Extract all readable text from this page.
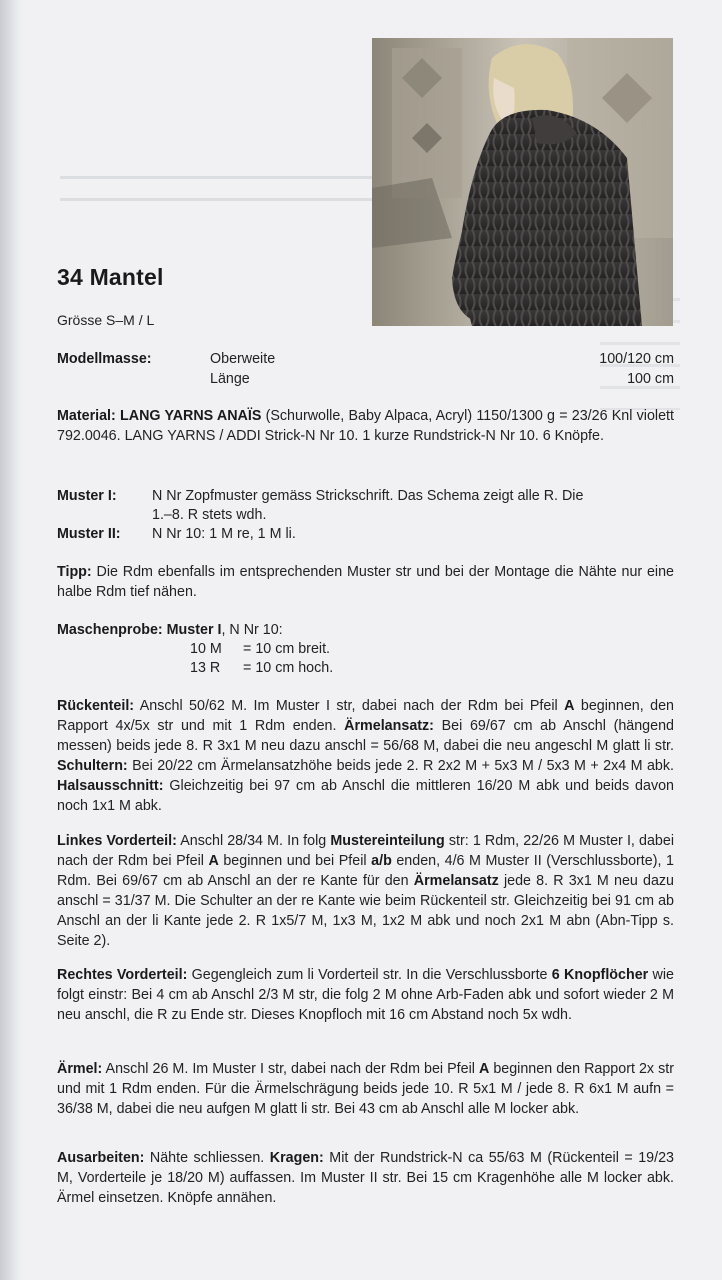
34 Mantel
Grösse S–M / L
Modellmasse:	Oberweite	100/120 cm
Länge	100 cm
Material: LANG YARNS ANAÏS (Schurwolle, Baby Alpaca, Acryl) 1150/1300 g = 23/26 Knl violett 792.0046. LANG YARNS / ADDI Strick-N Nr 10. 1 kurze Rundstrick-N Nr 10. 6 Knöpfe.
Muster I: N Nr Zopfmuster gemäss Strickschrift. Das Schema zeigt alle R. Die
1.–8. R stets wdh.
Muster II: N Nr 10: 1 M re, 1 M li.
Tipp: Die Rdm ebenfalls im entsprechenden Muster str und bei der Montage die Nähte nur eine halbe Rdm tief nähen.
Maschenprobe: Muster I, N Nr 10:
10 M = 10 cm breit.
13 R = 10 cm hoch.
Rückenteil: Anschl 50/62 M. Im Muster I str, dabei nach der Rdm bei Pfeil A beginnen, den Rapport 4x/5x str und mit 1 Rdm enden. Ärmelansatz: Bei 69/67 cm ab Anschl (hängend messen) beids jede 8. R 3x1 M neu dazu anschl = 56/68 M, dabei die neu angeschl M glatt li str. Schultern: Bei 20/22 cm Ärmelansatzhöhe beids jede 2. R 2x2 M + 5x3 M / 5x3 M + 2x4 M abk. Halsausschnitt: Gleichzeitig bei 97 cm ab Anschl die mittleren 16/20 M abk und beids davon noch 1x1 M abk.
Linkes Vorderteil: Anschl 28/34 M. In folg Mustereinteilung str: 1 Rdm, 22/26 M Muster I, dabei nach der Rdm bei Pfeil A beginnen und bei Pfeil a/b enden, 4/6 M Muster II (Verschlussborte), 1 Rdm. Bei 69/67 cm ab Anschl an der re Kante für den Ärmelansatz jede 8. R 3x1 M neu dazu anschl = 31/37 M. Die Schulter an der re Kante wie beim Rückenteil str. Gleichzeitig bei 91 cm ab Anschl an der li Kante jede 2. R 1x5/7 M, 1x3 M, 1x2 M abk und noch 2x1 M abn (Abn-Tipp s. Seite 2).
Rechtes Vorderteil: Gegengleich zum li Vorderteil str. In die Verschlussborte 6 Knopflöcher wie folgt einstr: Bei 4 cm ab Anschl 2/3 M str, die folg 2 M ohne Arb-Faden abk und sofort wieder 2 M neu anschl, die R zu Ende str. Dieses Knopfloch mit 16 cm Abstand noch 5x wdh.
Ärmel: Anschl 26 M. Im Muster I str, dabei nach der Rdm bei Pfeil A beginnen den Rapport 2x str und mit 1 Rdm enden. Für die Ärmelschrägung beids jede 10. R 5x1 M / jede 8. R 6x1 M aufn = 36/38 M, dabei die neu aufgen M glatt li str. Bei 43 cm ab Anschl alle M locker abk.
Ausarbeiten: Nähte schliessen. Kragen: Mit der Rundstrick-N ca 55/63 M (Rückenteil = 19/23 M, Vorderteile je 18/20 M) auffassen. Im Muster II str. Bei 15 cm Kragenhöhe alle M locker abk. Ärmel einsetzen. Knöpfe annähen.
